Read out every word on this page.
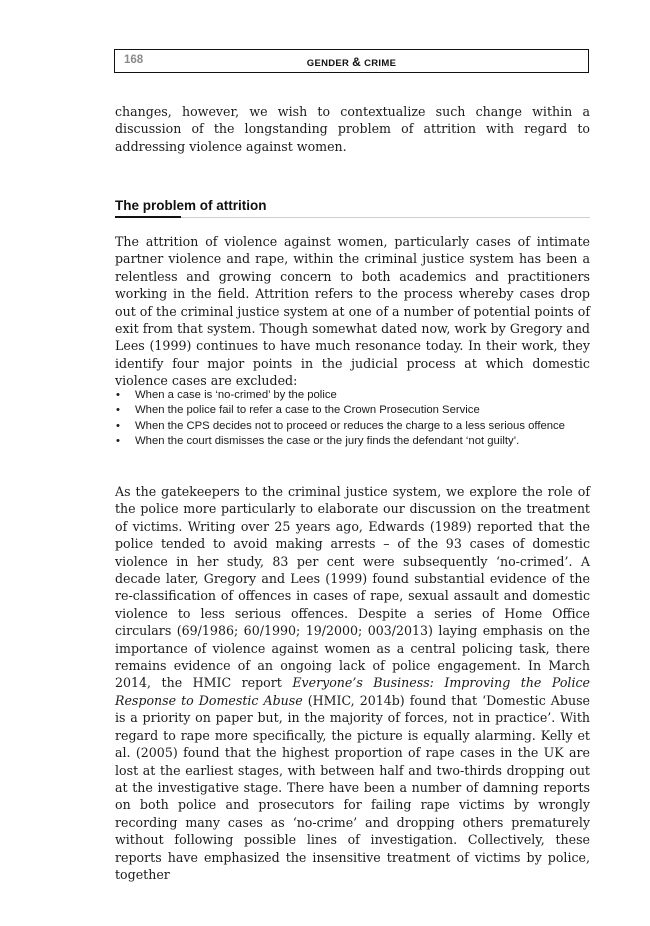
168	GENDER & CRIME

changes, however, we wish to contextualize such change within a discussion of the longstanding problem of attrition with regard to addressing violence against women.

The problem of attrition

The attrition of violence against women, particularly cases of intimate partner violence and rape, within the criminal justice system has been a relentless and growing concern to both academics and practitioners working in the field. Attrition refers to the process whereby cases drop out of the criminal justice system at one of a number of potential points of exit from that system. Though somewhat dated now, work by Gregory and Lees (1999) continues to have much resonance today. In their work, they identify four major points in the judicial process at which domestic violence cases are excluded:

• When a case is ‘no-crimed’ by the police
• When the police fail to refer a case to the Crown Prosecution Service
• When the CPS decides not to proceed or reduces the charge to a less serious offence
• When the court dismisses the case or the jury finds the defendant ‘not guilty’.

As the gatekeepers to the criminal justice system, we explore the role of the police more particularly to elaborate our discussion on the treatment of victims. Writing over 25 years ago, Edwards (1989) reported that the police tended to avoid making arrests – of the 93 cases of domestic violence in her study, 83 per cent were subsequently ‘no-crimed’. A decade later, Gregory and Lees (1999) found substantial evidence of the re-classification of offences in cases of rape, sexual assault and domestic violence to less serious offences. Despite a series of Home Office circulars (69/1986; 60/1990; 19/2000; 003/2013) laying emphasis on the importance of violence against women as a central policing task, there remains evidence of an ongoing lack of police engagement. In March 2014, the HMIC report Everyone’s Business: Improving the Police Response to Domestic Abuse (HMIC, 2014b) found that ‘Domestic Abuse is a priority on paper but, in the majority of forces, not in practice’. With regard to rape more specifically, the picture is equally alarming. Kelly et al. (2005) found that the highest proportion of rape cases in the UK are lost at the earliest stages, with between half and two-thirds dropping out at the investigative stage. There have been a number of damning reports on both police and prosecutors for failing rape victims by wrongly recording many cases as ‘no-crime’ and dropping others prematurely without following possible lines of investigation. Collectively, these reports have emphasized the insensitive treatment of victims by police, together
